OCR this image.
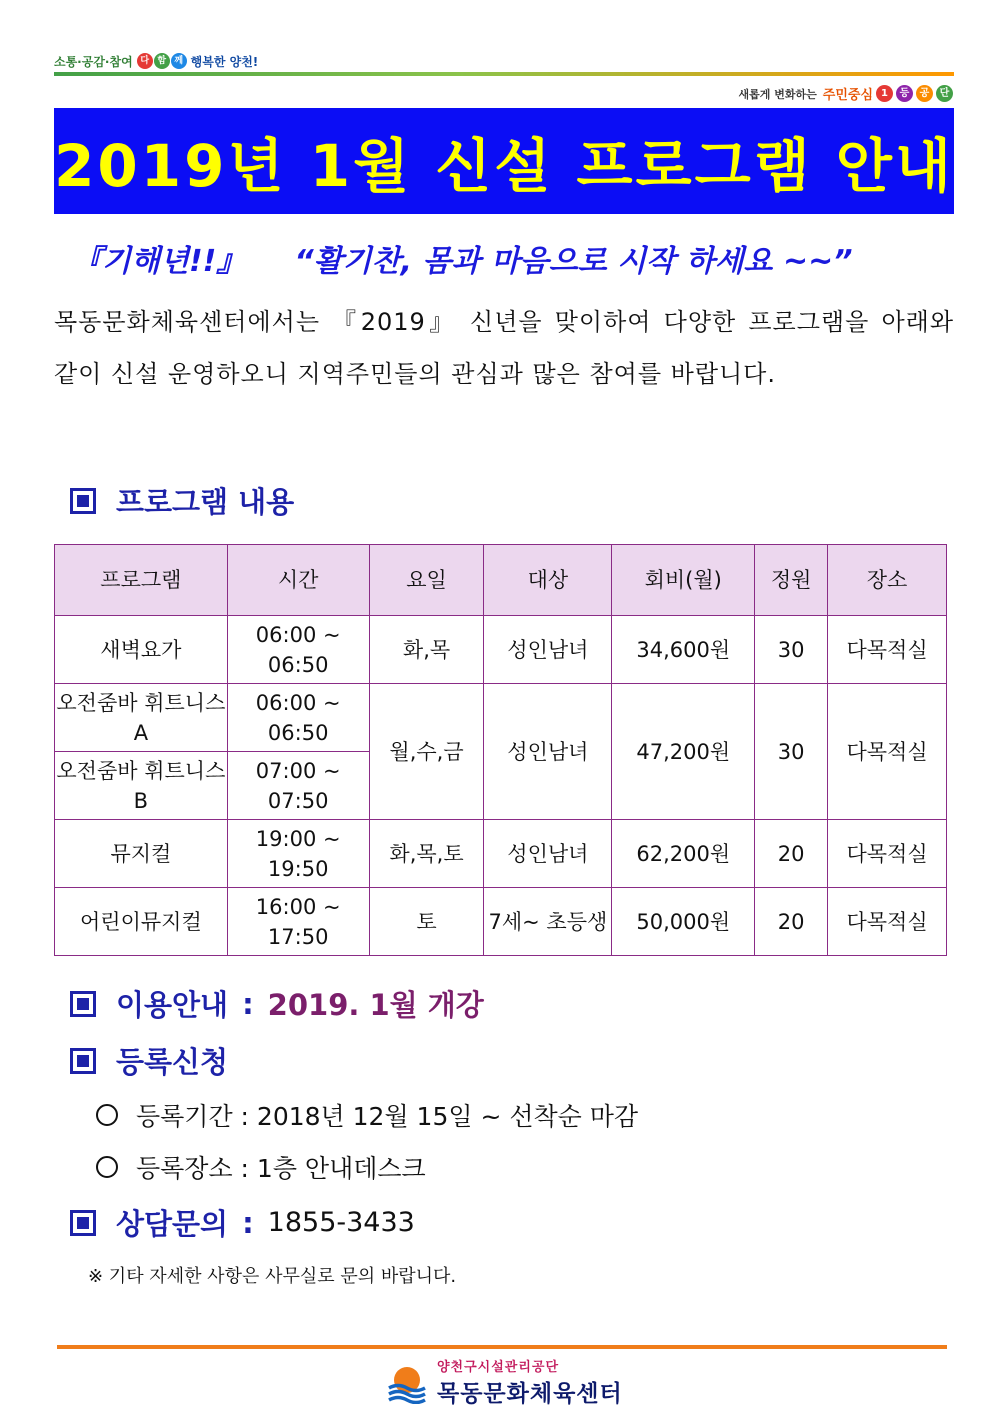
소통·공감·참여 다 함 께 행복한 양천!
새롭게 변화하는 주민중심 1	등	공	단
2019년 1월 신설 프로그램 안내
『기해년!!』 “활기찬, 몸과 마음으로 시작 하세요 ~~”

목동문화체육센터에서는 『2019』 신년을 맞이하여 다양한 프로그램을 아래와 같이 신설 운영하오니 지역주민들의 관심과 많은 참여를 바랍니다.

프로그램 내용
프로그램	시간	요일	대상	회비(월)	정원	장소
새벽요가	06:00 ~ 06:50	화,목	성인남녀	34,600원	30	다목적실
오전줌바 휘트니스A	06:00 ~ 06:50	월,수,금	성인남녀	47,200원	30	다목적실
오전줌바 휘트니스B	07:00 ~ 07:50					
뮤지컬	19:00 ~ 19:50	화,목,토	성인남녀	62,200원	20	다목적실
어린이뮤지컬	16:00 ~ 17:50	토	7세~ 초등생	50,000원	20	다목적실
이용안내 : 2019. 1월 개강
등록신청
등록기간 : 2018년 12월 15일 ~ 선착순 마감
등록장소 : 1층 안내데스크
상담문의 : 1855-3433
※ 기타 자세한 사항은 사무실로 문의 바랍니다.
양천구시설관리공단
목동문화체육센터
